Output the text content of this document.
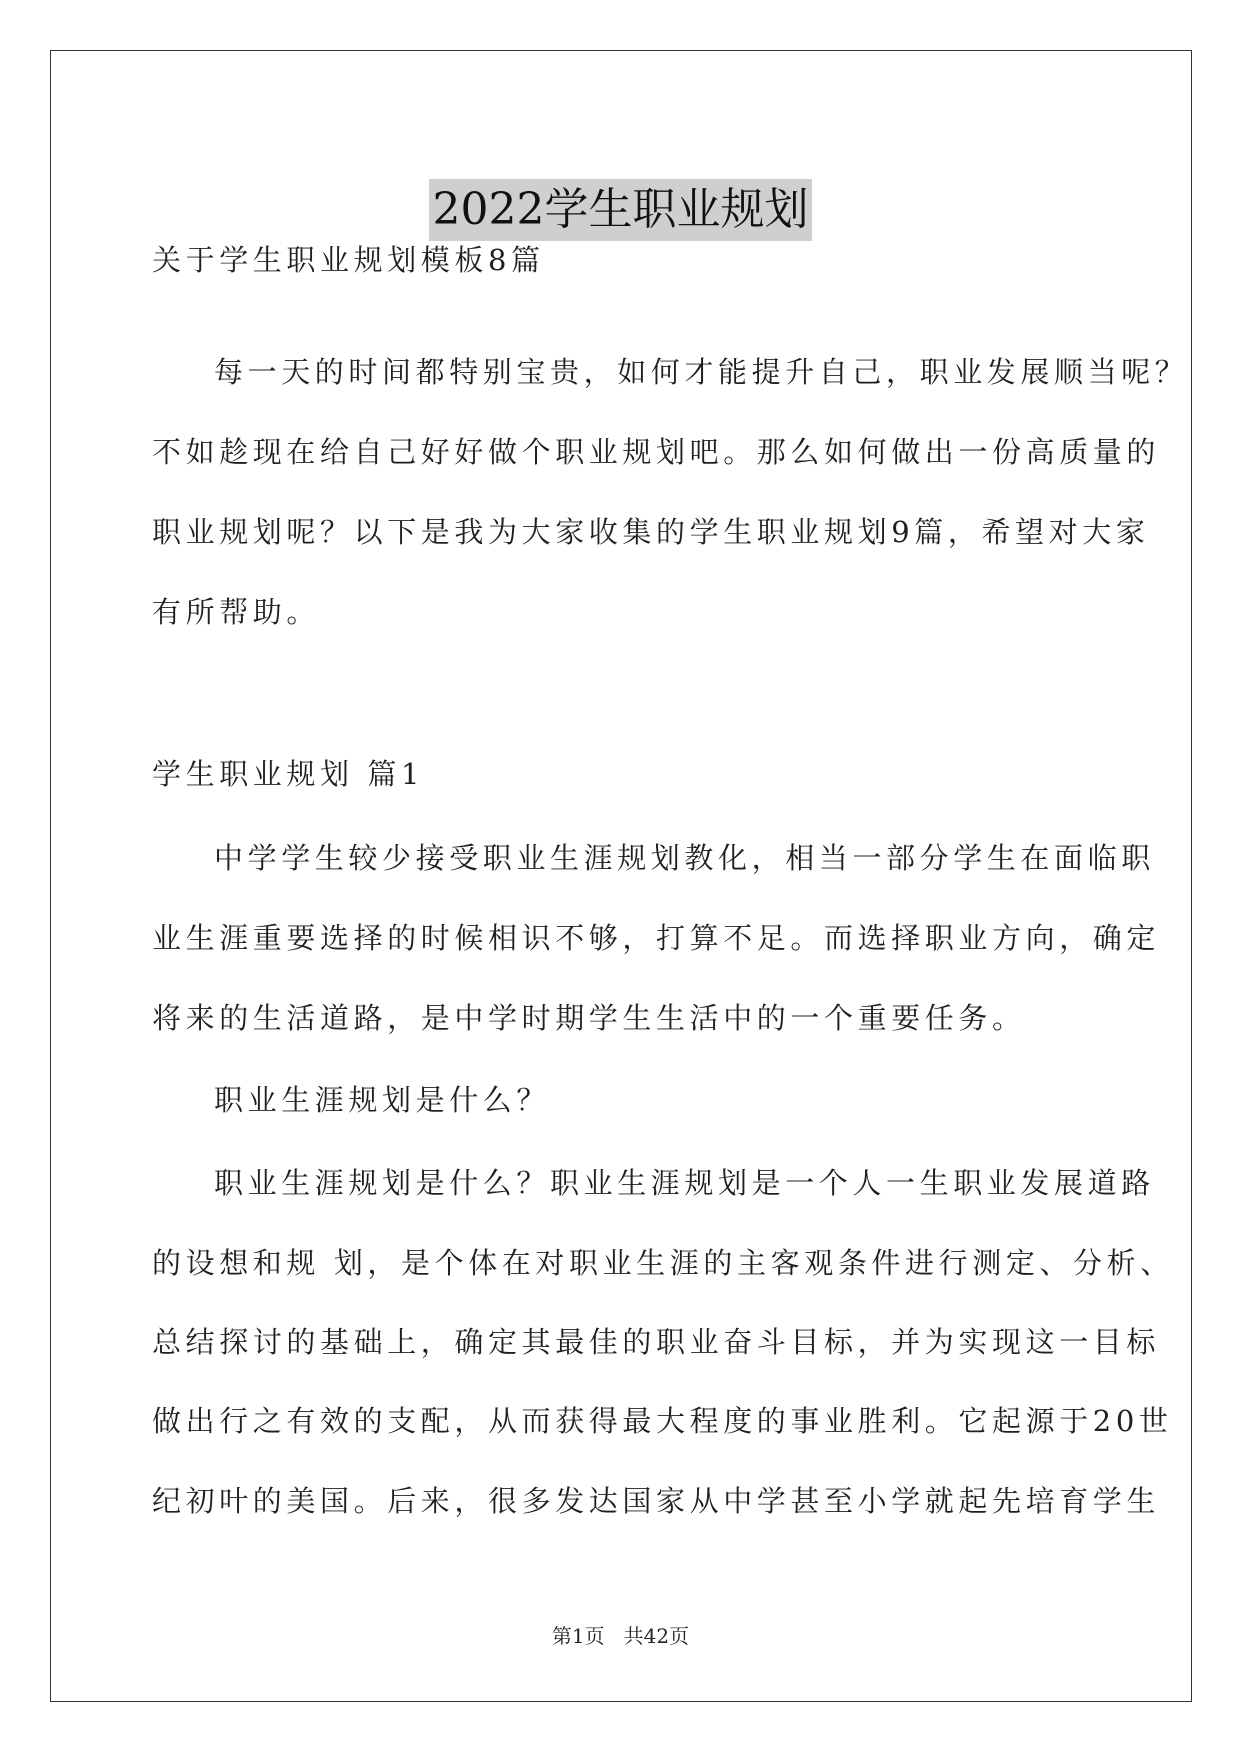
2022学生职业规划
关于学生职业规划模板8篇
每一天的时间都特别宝贵，如何才能提升自己，职业发展顺当呢？
不如趁现在给自己好好做个职业规划吧。那么如何做出一份高质量的
职业规划呢？以下是我为大家收集的学生职业规划9篇，希望对大家
有所帮助。
学生职业规划 篇1
中学学生较少接受职业生涯规划教化，相当一部分学生在面临职
业生涯重要选择的时候相识不够，打算不足。而选择职业方向，确定
将来的生活道路，是中学时期学生生活中的一个重要任务。
职业生涯规划是什么？
职业生涯规划是什么？职业生涯规划是一个人一生职业发展道路
的设想和规 划，是个体在对职业生涯的主客观条件进行测定、分析、
总结探讨的基础上，确定其最佳的职业奋斗目标，并为实现这一目标
做出行之有效的支配，从而获得最大程度的事业胜利。它起源于20世
纪初叶的美国。后来，很多发达国家从中学甚至小学就起先培育学生
第1页   共42页
